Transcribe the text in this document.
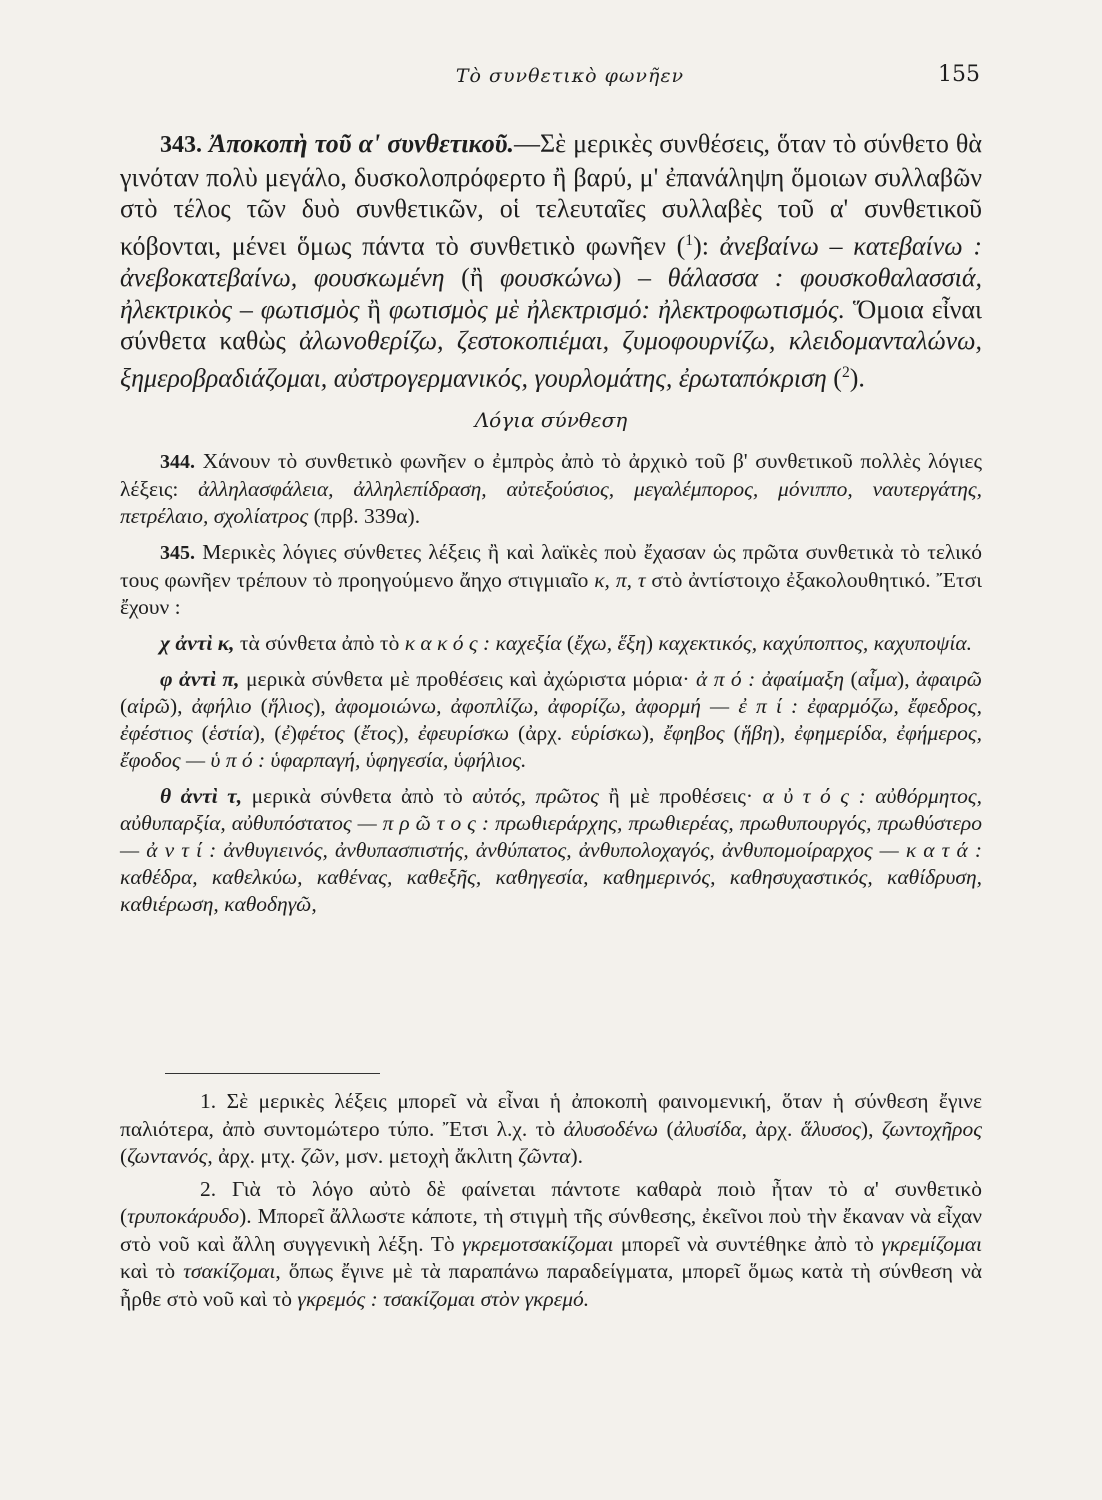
Τὸ συνθετικὸ φωνῆεν	155

343. Ἀποκοπὴ τοῦ α' συνθετικοῦ.—Σὲ μερικὲς συνθέσεις, ὅταν τὸ σύνθετο θὰ γινόταν πολὺ μεγάλο, δυσκολοπρόφερτο ἢ βαρύ, μ' ἐπανάληψη ὅμοιων συλλαβῶν στὸ τέλος τῶν δυὸ συνθετικῶν, οἱ τελευταῖες συλλαβὲς τοῦ α' συνθετικοῦ κόβονται, μένει ὅμως πάντα τὸ συνθετικὸ φωνῆεν ($^1$): ἀνεβαίνω – κατεβαίνω : ἀνεβοκατεβαίνω, φουσκωμένη (ἢ φουσκώνω) – θάλασσα : φουσκοθαλασσιά, ἠλεκτρικὸς – φωτισμὸς ἢ φωτισμὸς μὲ ἠλεκτρισμό: ἠλεκτροφωτισμός. Ὅμοια εἶναι σύνθετα καθὼς ἀλωνοθερίζω, ζεστοκοπιέμαι, ζυμοφουρνίζω, κλειδομανταλώνω, ξημεροβραδιάζομαι, αὐστρογερμανικός, γουρλομάτης, ἐρωταπόκριση ($^2$).

Λόγια σύνθεση

344. Χάνουν τὸ συνθετικὸ φωνῆεν ο ἐμπρὸς ἀπὸ τὸ ἀρχικὸ τοῦ β' συνθετικοῦ πολλὲς λόγιες λέξεις: ἀλληλασφάλεια, ἀλληλεπίδραση, αὐτεξούσιος, μεγαλέμπορος, μόνιππο, ναυτεργάτης, πετρέλαιο, σχολίατρος (πρβ. 339α).

345. Μερικὲς λόγιες σύνθετες λέξεις ἢ καὶ λαϊκὲς ποὺ ἔχασαν ὡς πρῶτα συνθετικὰ τὸ τελικό τους φωνῆεν τρέπουν τὸ προηγούμενο ἄηχο στιγμιαῖο κ, π, τ στὸ ἀντίστοιχο ἐξακολουθητικό. Ἔτσι ἔχουν :

χ ἀντὶ κ, τὰ σύνθετα ἀπὸ τὸ κ α κ ό ς : καχεξία (ἔχω, ἕξη) καχεκτικός, καχύποπτος, καχυποψία.

φ ἀντὶ π, μερικὰ σύνθετα μὲ προθέσεις καὶ ἀχώριστα μόρια· ἀ π ό : ἀφαίμαξη (αἷμα), ἀφαιρῶ (αἱρῶ), ἀφήλιο (ἥλιος), ἀφομοιώνω, ἀφοπλίζω, ἀφορίζω, ἀφορμή — ἐ π ί : ἐφαρμόζω, ἔφεδρος, ἐφέστιος (ἑστία), (ἐ)φέτος (ἔτος), ἐφευρίσκω (ἀρχ. εὑρίσκω), ἔφηβος (ἥβη), ἐφημερίδα, ἐφήμερος, ἔφοδος — ὑ π ό : ὑφαρπαγή, ὑφηγεσία, ὑφήλιος.

θ ἀντὶ τ, μερικὰ σύνθετα ἀπὸ τὸ αὐτός, πρῶτος ἢ μὲ προθέσεις· α ὐ τ ό ς : αὐθόρμητος, αὐθυπαρξία, αὐθυπόστατος — π ρ ῶ τ ο ς : πρωθιεράρχης, πρωθιερέας, πρωθυπουργός, πρωθύστερο — ἀ ν τ ί : ἀνθυγιεινός, ἀνθυπασπιστής, ἀνθύπατος, ἀνθυπολοχαγός, ἀνθυπομοίραρχος — κ α τ ά : καθέδρα, καθελκύω, καθένας, καθεξῆς, καθηγεσία, καθημερινός, καθησυχαστικός, καθίδρυση, καθιέρωση, καθοδηγῶ,

1. Σὲ μερικὲς λέξεις μπορεῖ νὰ εἶναι ἡ ἀποκοπὴ φαινομενική, ὅταν ἡ σύνθεση ἔγινε παλιότερα, ἀπὸ συντομώτερο τύπο. Ἔτσι λ.χ. τὸ ἀλυσοδένω (ἀλυσίδα, ἀρχ. ἅλυσος), ζωντοχῆρος (ζωντανός, ἀρχ. μτχ. ζῶν, μσν. μετοχὴ ἄκλιτη ζῶντα).

2. Γιὰ τὸ λόγο αὐτὸ δὲ φαίνεται πάντοτε καθαρὰ ποιὸ ἦταν τὸ α' συνθετικὸ (τρυποκάρυδο). Μπορεῖ ἄλλωστε κάποτε, τὴ στιγμὴ τῆς σύνθεσης, ἐκεῖνοι ποὺ τὴν ἔκαναν νὰ εἶχαν στὸ νοῦ καὶ ἄλλη συγγενικὴ λέξη. Τὸ γκρεμοτσακίζομαι μπορεῖ νὰ συντέθηκε ἀπὸ τὸ γκρεμίζομαι καὶ τὸ τσακίζομαι, ὅπως ἔγινε μὲ τὰ παραπάνω παραδείγματα, μπορεῖ ὅμως κατὰ τὴ σύνθεση νὰ ἦρθε στὸ νοῦ καὶ τὸ γκρεμός : τσακίζομαι στὸν γκρεμό.
